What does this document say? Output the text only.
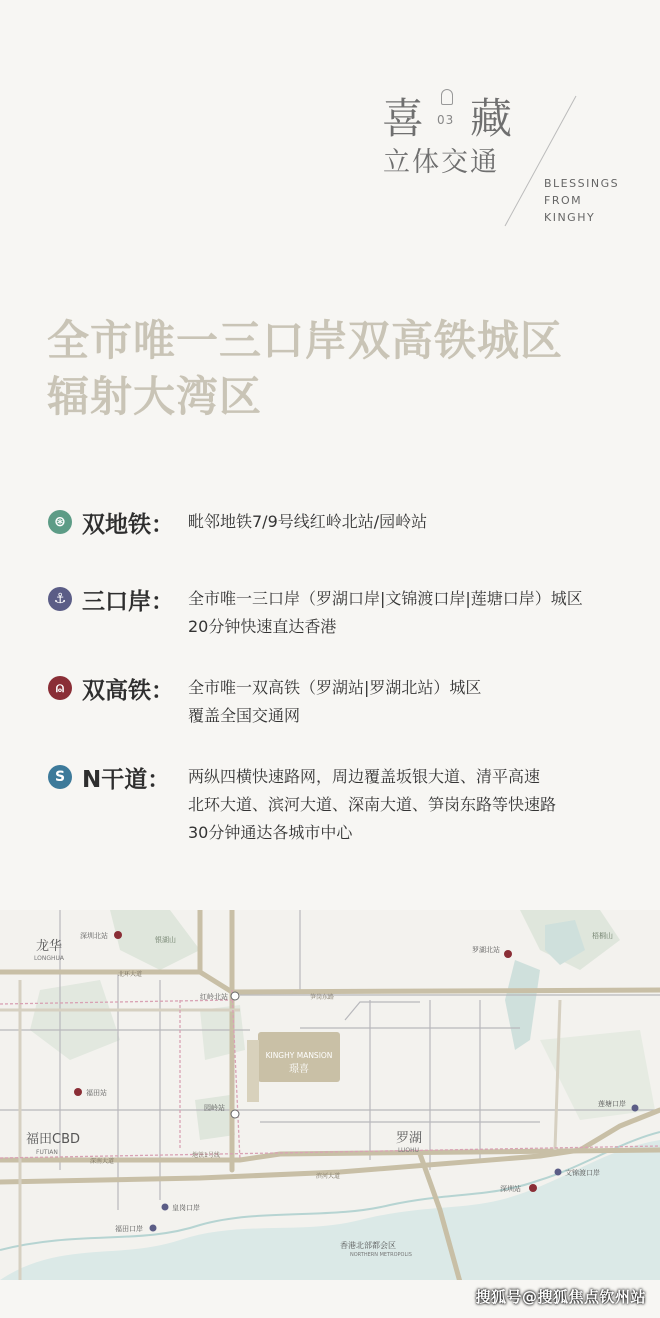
喜 03 藏
立体交通
BLESSINGS
FROM
KINGHY
全市唯一三口岸双高铁城区
辐射大湾区
⊛ 双地铁： 毗邻地铁7/9号线红岭北站/园岭站
⚓ 三口岸： 全市唯一三口岸（罗湖口岸|文锦渡口岸|莲塘口岸）城区
20分钟快速直达香港
⍝ 双高铁： 全市唯一双高铁（罗湖站|罗湖北站）城区
覆盖全国交通网
S N干道： 两纵四横快速路网，周边覆盖坂银大道、清平高速
北环大道、滨河大道、深南大道、笋岗东路等快速路
30分钟通达各城市中心
KINGHY MANSION
璟喜
龙华
LONGHUA
福田CBD
FUTIAN
罗湖
LUOHU
深圳北站
红岭北站
园岭站
福田站
罗湖北站
深圳站
福田口岸
文锦渡口岸
莲塘口岸
皇岗口岸
北环大道
深南大道
滨河大道
笋岗东路
地铁1号线
银湖山	梧桐山
香港北部都会区
NORTHERN METROPOLIS
搜狐号@搜狐焦点钦州站
